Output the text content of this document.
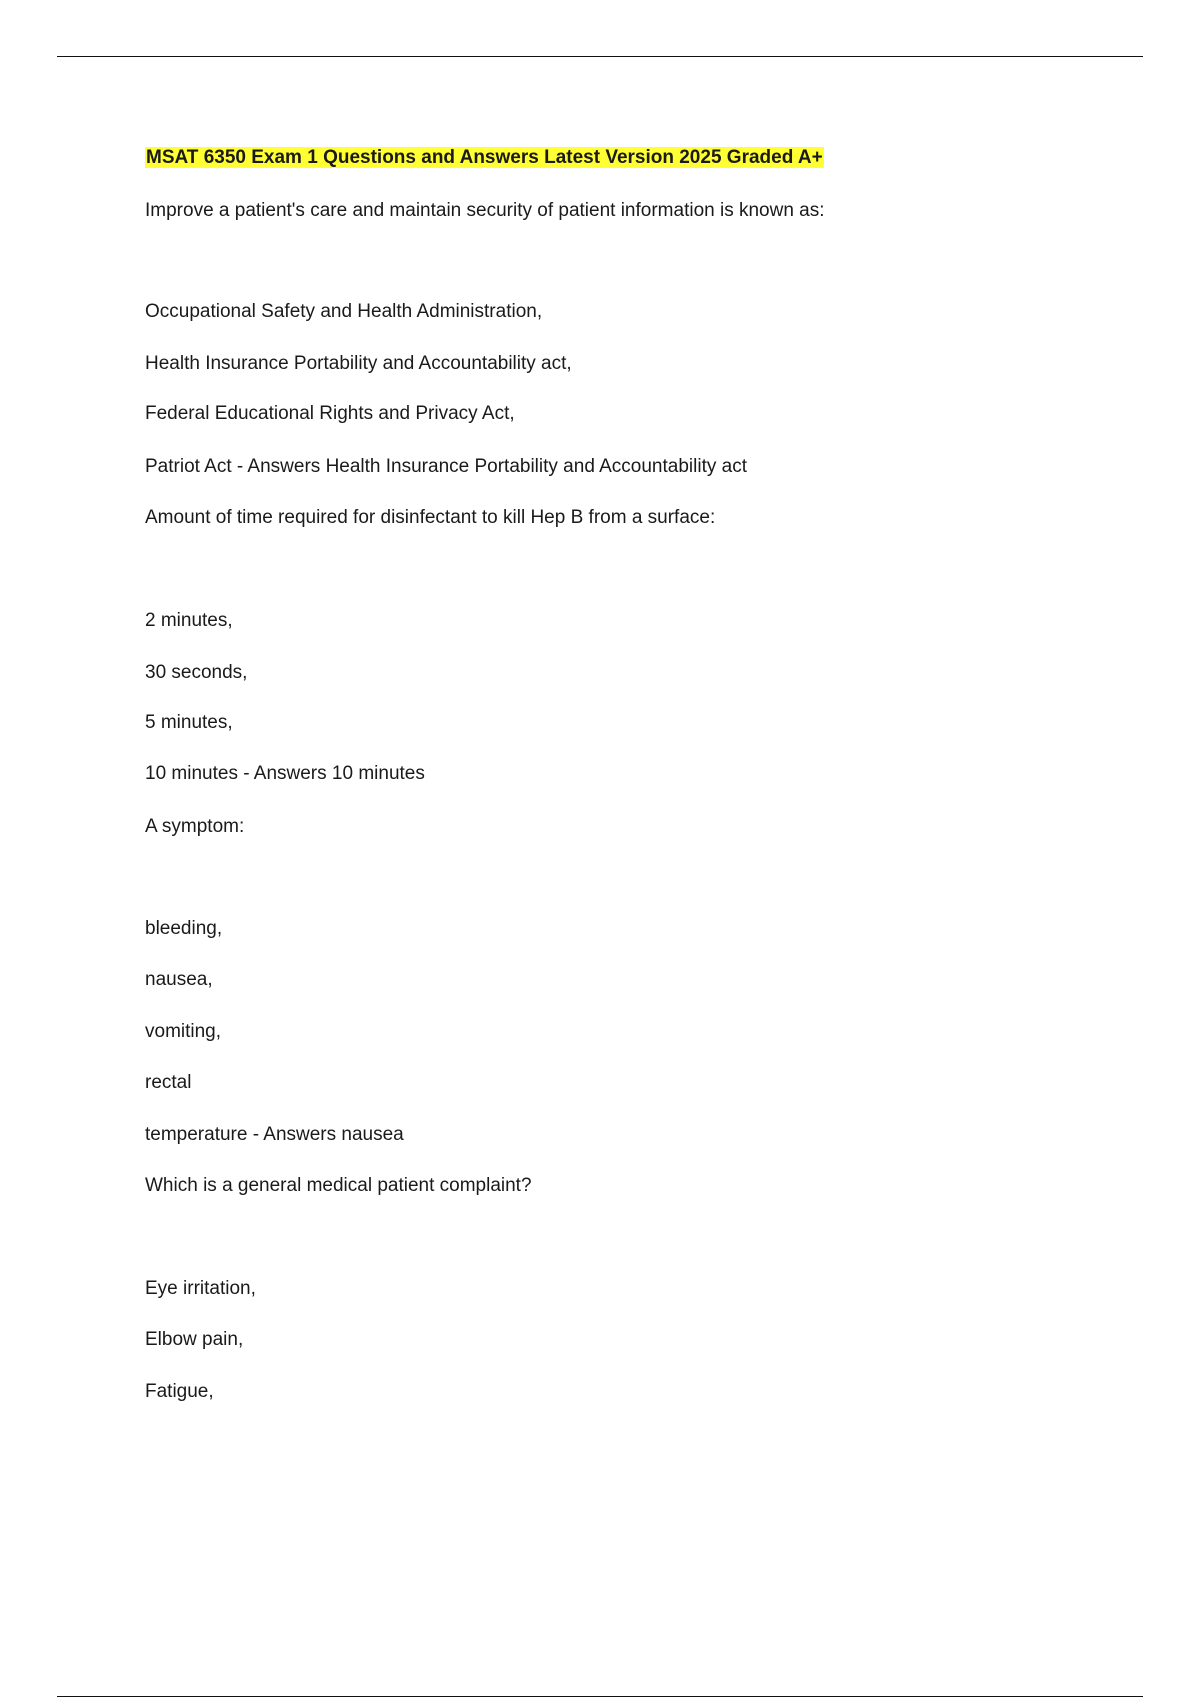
MSAT 6350 Exam 1 Questions and Answers Latest Version 2025 Graded A+

Improve a patient's care and maintain security of patient information is known as:

Occupational Safety and Health Administration,

Health Insurance Portability and Accountability act,

Federal Educational Rights and Privacy Act,

Patriot Act - Answers Health Insurance Portability and Accountability act

Amount of time required for disinfectant to kill Hep B from a surface:

2 minutes,

30 seconds,

5 minutes,

10 minutes - Answers 10 minutes

A symptom:

bleeding,

nausea,

vomiting,

rectal

temperature - Answers nausea

Which is a general medical patient complaint?

Eye irritation,

Elbow pain,

Fatigue,
